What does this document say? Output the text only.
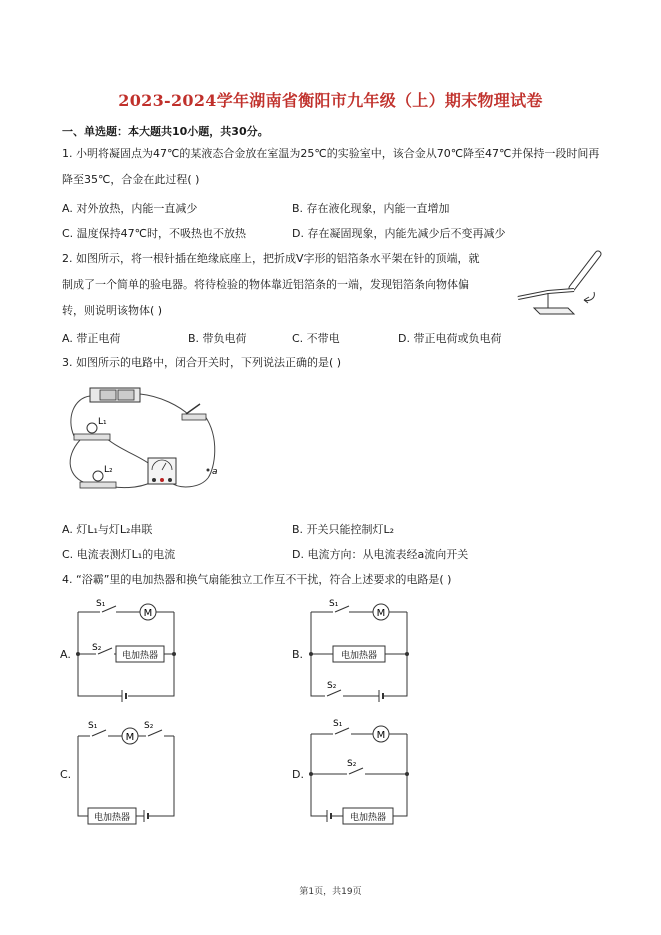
2023-2024学年湖南省衡阳市九年级（上）期末物理试卷
一、单选题：本大题共10小题，共30分。
1. 小明将凝固点为47℃的某液态合金放在室温为25℃的实验室中，该合金从70℃降至47℃并保持一段时间再
降至35℃，合金在此过程( )
A. 对外放热，内能一直减少	B. 存在液化现象，内能一直增加
C. 温度保持47℃时，不吸热也不放热	D. 存在凝固现象，内能先减少后不变再减少
2. 如图所示，将一根针插在绝缘底座上，把折成V字形的铝箔条水平架在针的顶端，就
制成了一个简单的验电器。将待检验的物体靠近铝箔条的一端，发现铝箔条向物体偏
转，则说明该物体( )
A. 带正电荷	B. 带负电荷	C. 不带电	D. 带正电荷或负电荷
3. 如图所示的电路中，闭合开关时，下列说法正确的是( )
L₁
L₂	a
A. 灯L₁与灯L₂串联	B. 开关只能控制灯L₂
C. 电流表测灯L₁的电流	D. 电流方向：从电流表经a流向开关
4. “浴霸”里的电加热器和换气扇能独立工作互不干扰，符合上述要求的电路是( )
A.
M
S₁
S₂
电加热器	B.
M
S₁
S₂
电加热器
C.
M
S₁	S₂
电加热器
D.
M
S₁
S₂
电加热器
第1页，共19页
